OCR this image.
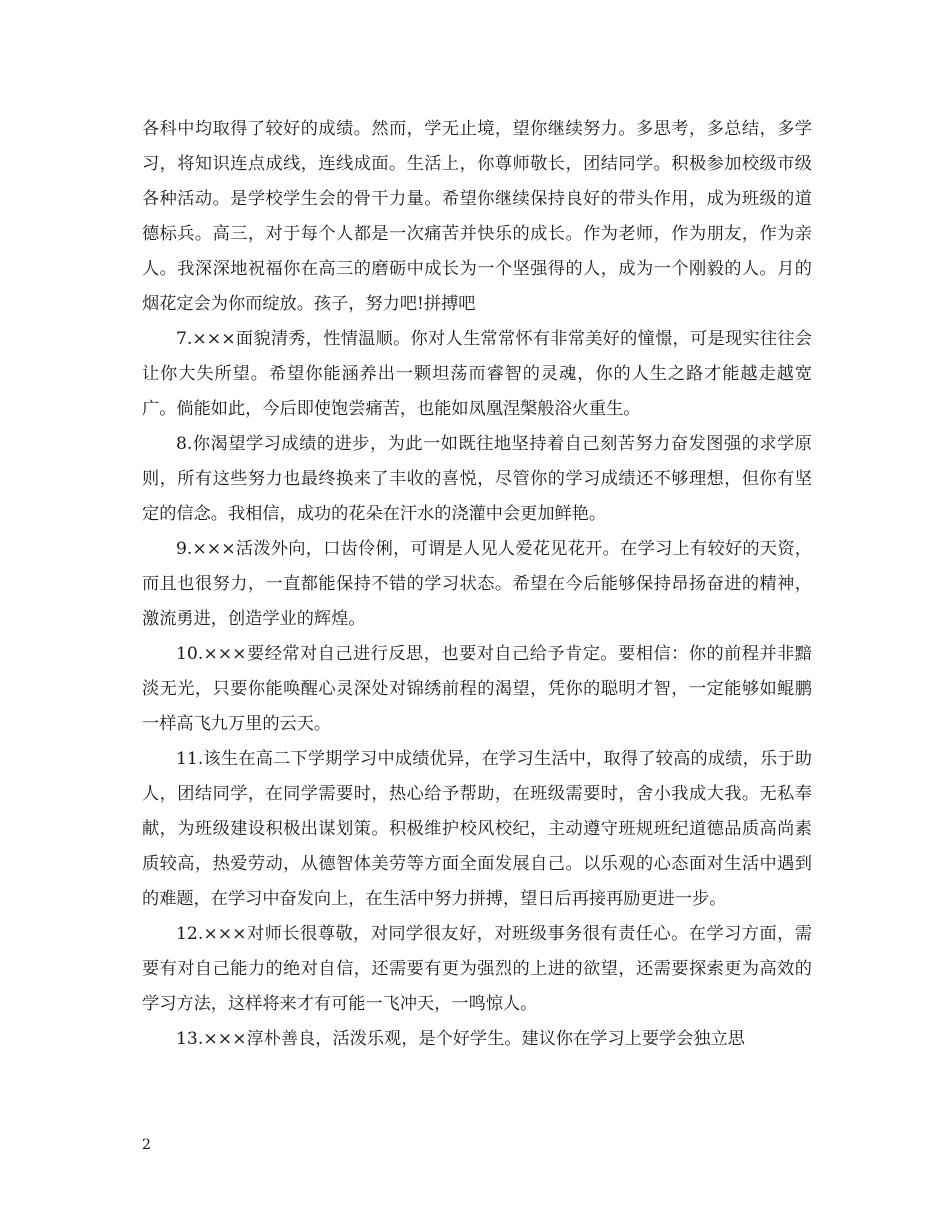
各科中均取得了较好的成绩。然而，学无止境，望你继续努力。多思考，多总结，多学习，将知识连点成线，连线成面。生活上，你尊师敬长，团结同学。积极参加校级市级各种活动。是学校学生会的骨干力量。希望你继续保持良好的带头作用，成为班级的道德标兵。高三，对于每个人都是一次痛苦并快乐的成长。作为老师，作为朋友，作为亲人。我深深地祝福你在高三的磨砺中成长为一个坚强得的人，成为一个刚毅的人。月的烟花定会为你而绽放。孩子，努力吧!拼搏吧

7.×××面貌清秀，性情温顺。你对人生常常怀有非常美好的憧憬，可是现实往往会让你大失所望。希望你能涵养出一颗坦荡而睿智的灵魂，你的人生之路才能越走越宽广。倘能如此，今后即使饱尝痛苦，也能如凤凰涅槃般浴火重生。

8.你渴望学习成绩的进步，为此一如既往地坚持着自己刻苦努力奋发图强的求学原则，所有这些努力也最终换来了丰收的喜悦，尽管你的学习成绩还不够理想，但你有坚定的信念。我相信，成功的花朵在汗水的浇灌中会更加鲜艳。

9.×××活泼外向，口齿伶俐，可谓是人见人爱花见花开。在学习上有较好的天资，而且也很努力，一直都能保持不错的学习状态。希望在今后能够保持昂扬奋进的精神，激流勇进，创造学业的辉煌。

10.×××要经常对自己进行反思，也要对自己给予肯定。要相信：你的前程并非黯淡无光，只要你能唤醒心灵深处对锦绣前程的渴望，凭你的聪明才智，一定能够如鲲鹏一样高飞九万里的云天。

11.该生在高二下学期学习中成绩优异，在学习生活中，取得了较高的成绩，乐于助人，团结同学，在同学需要时，热心给予帮助，在班级需要时，舍小我成大我。无私奉献，为班级建设积极出谋划策。积极维护校风校纪，主动遵守班规班纪道德品质高尚素质较高，热爱劳动，从德智体美劳等方面全面发展自己。以乐观的心态面对生活中遇到的难题，在学习中奋发向上，在生活中努力拼搏，望日后再接再励更进一步。

12.×××对师长很尊敬，对同学很友好，对班级事务很有责任心。在学习方面，需要有对自己能力的绝对自信，还需要有更为强烈的上进的欲望，还需要探索更为高效的学习方法，这样将来才有可能一飞冲天，一鸣惊人。

13.×××淳朴善良，活泼乐观，是个好学生。建议你在学习上要学会独立思

2
